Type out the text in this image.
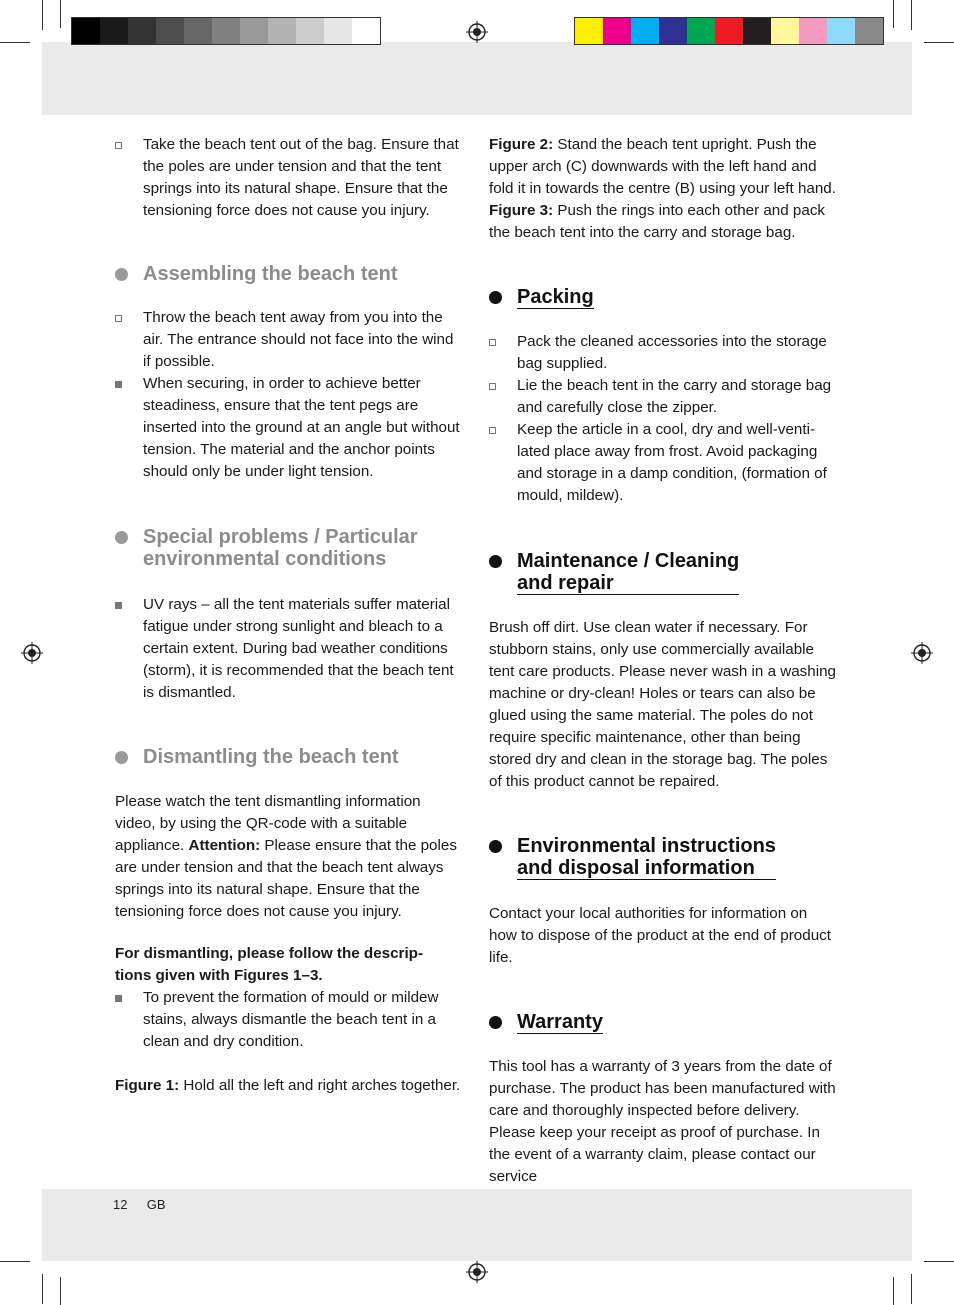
Take the beach tent out of the bag. Ensure that the poles are under tension and that the tent springs into its natural shape. Ensure that the tensioning force does not cause you injury.
Assembling the beach tent
Throw the beach tent away from you into the air. The entrance should not face into the wind if possible.
When securing, in order to achieve better steadiness, ensure that the tent pegs are inserted into the ground at an angle but without tension. The material and the anchor points should only be under light tension.
Special problems / Particular
environmental conditions
UV rays – all the tent materials suffer material fatigue under strong sunlight and bleach to a certain extent. During bad weather conditions (storm), it is recommended that the beach tent is dismantled.
Dismantling the beach tent

Please watch the tent dismantling information video, by using the QR-code with a suitable appliance. Attention: Please ensure that the poles are under tension and that the beach tent always springs into its natural shape. Ensure that the tensioning force does not cause you injury.

For dismantling, please follow the descrip-
tions given with Figures 1–3.

To prevent the formation of mould or mildew stains, always dismantle the beach tent in a clean and dry condition.

Figure 1: Hold all the left and right arches together.

Figure 2: Stand the beach tent upright. Push the upper arch (C) downwards with the left hand and fold it in towards the centre (B) using your left hand. Figure 3: Push the rings into each other and pack the beach tent into the carry and storage bag.

Packing
Pack the cleaned accessories into the storage bag supplied.
Lie the beach tent in the carry and storage bag and carefully close the zipper.
Keep the article in a cool, dry and well-ventilated place away from frost. Avoid packaging and storage in a damp condition, (formation of mould, mildew).
Maintenance / Cleaning
and repair

Brush off dirt. Use clean water if necessary. For stubborn stains, only use commercially available tent care products. Please never wash in a washing machine or dry-clean! Holes or tears can also be glued using the same material. The poles do not require specific maintenance, other than being stored dry and clean in the storage bag. The poles of this product cannot be repaired.

Environmental instructions
and disposal information

Contact your local authorities for information on how to dispose of the product at the end of product life.

Warranty

This tool has a warranty of 3 years from the date of purchase. The product has been manufactured with care and thoroughly inspected before delivery. Please keep your receipt as proof of purchase. In the event of a warranty claim, please contact our service

12 GB
